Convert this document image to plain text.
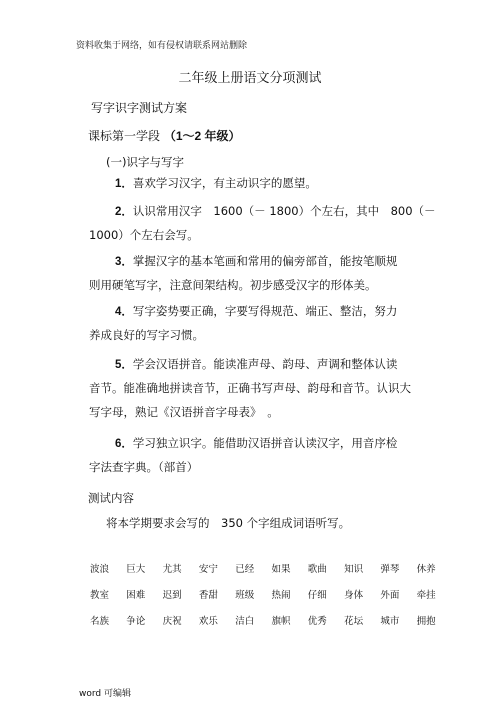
资料收集于网络，如有侵权请联系网站删除
二年级上册语文分项测试
写字识字测试方案
课标第一学段 （1～2 年级）
(一)识字与写字
1．喜欢学习汉字，有主动识字的愿望。
2．认识常用汉字　1600（－ 1800）个左右，其中　800（－
1000）个左右会写。
3．掌握汉字的基本笔画和常用的偏旁部首，能按笔顺规
则用硬笔写字，注意间架结构。初步感受汉字的形体美。
4．写字姿势要正确，字要写得规范、端正、整洁，努力
养成良好的写字习惯。
5．学会汉语拼音。能读准声母、韵母、声调和整体认读
音节。能准确地拼读音节，正确书写声母、韵母和音节。认识大
写字母，熟记《汉语拼音字母表》　。
6．学习独立识字。能借助汉语拼音认读汉字，用音序检
字法查字典。（部首）
测试内容
将本学期要求会写的　350 个字组成词语听写。
波浪 巨大 尤其 安宁 已经 如果 歌曲 知识 弹琴 休养
教室 困难 迟到 香甜 班级 热闹 仔细 身体 外面 牵挂
名族 争论 庆祝 欢乐 洁白 旗帜 优秀 花坛 城市 拥抱
word 可编辑
